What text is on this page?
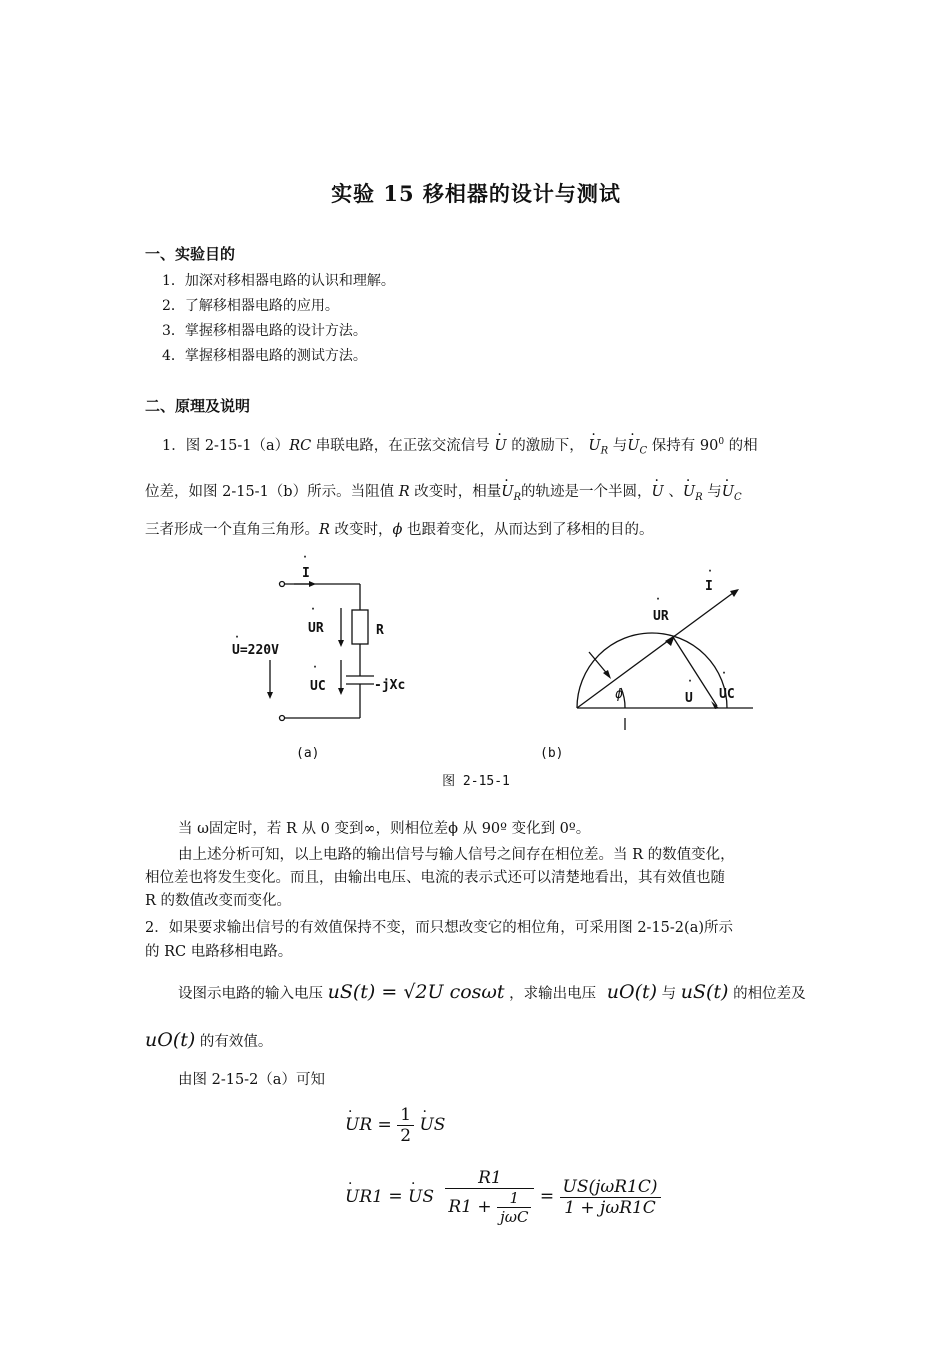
实验 15 移相器的设计与测试
一、实验目的
1．加深对移相器电路的认识和理解。
2．了解移相器电路的应用。
3．掌握移相器电路的设计方法。
4．掌握移相器电路的测试方法。
二、原理及说明
1．图 2-15-1（a）RC 串联电路，在正弦交流信号 · U 的激励下， · $U_R$ 与· $U_C$ 保持有 $90^0$ 的相
位差，如图 2-15-1（b）所示。当阻值 R 改变时，相量· $U_R$的轨迹是一个半圆，· U 、· $U_R$ 与· $U_C$
三者形成一个直角三角形。R 改变时，ϕ 也跟着变化，从而达到了移相的目的。
·
I
·
UR	R
·
U=220V
·
UC	-jXc
·
I
·
UR
·
U
·
UC
ϕ
(a)	(b)
图 2-15-1
当 ω固定时，若 R 从 0 变到∞，则相位差ϕ 从 90º 变化到 0º。
由上述分析可知，以上电路的输出信号与输人信号之间存在相位差。当 R 的数值变化，
相位差也将发生变化。而且，由输出电压、电流的表示式还可以清楚地看出，其有效值也随
R 的数值改变而变化。
2．如果要求输出信号的有效值保持不变，而只想改变它的相位角，可采用图 2-15-2(a)所示
的 RC 电路移相电路。
设图示电路的输入电压 uS(t) = √2U cosωt ，求输出电压 uO(t) 与 uS(t) 的相位差及
uO(t) 的有效值。
由图 2-15-2（a）可知
· UR = $\frac{1}{2}$ · US
· UR1 = · US $\frac{R1}{R1 + \frac{1}{\text{jωC}}} = \frac{\text{US(jωR1C)}}{\text{1 + jωR1C}}$
